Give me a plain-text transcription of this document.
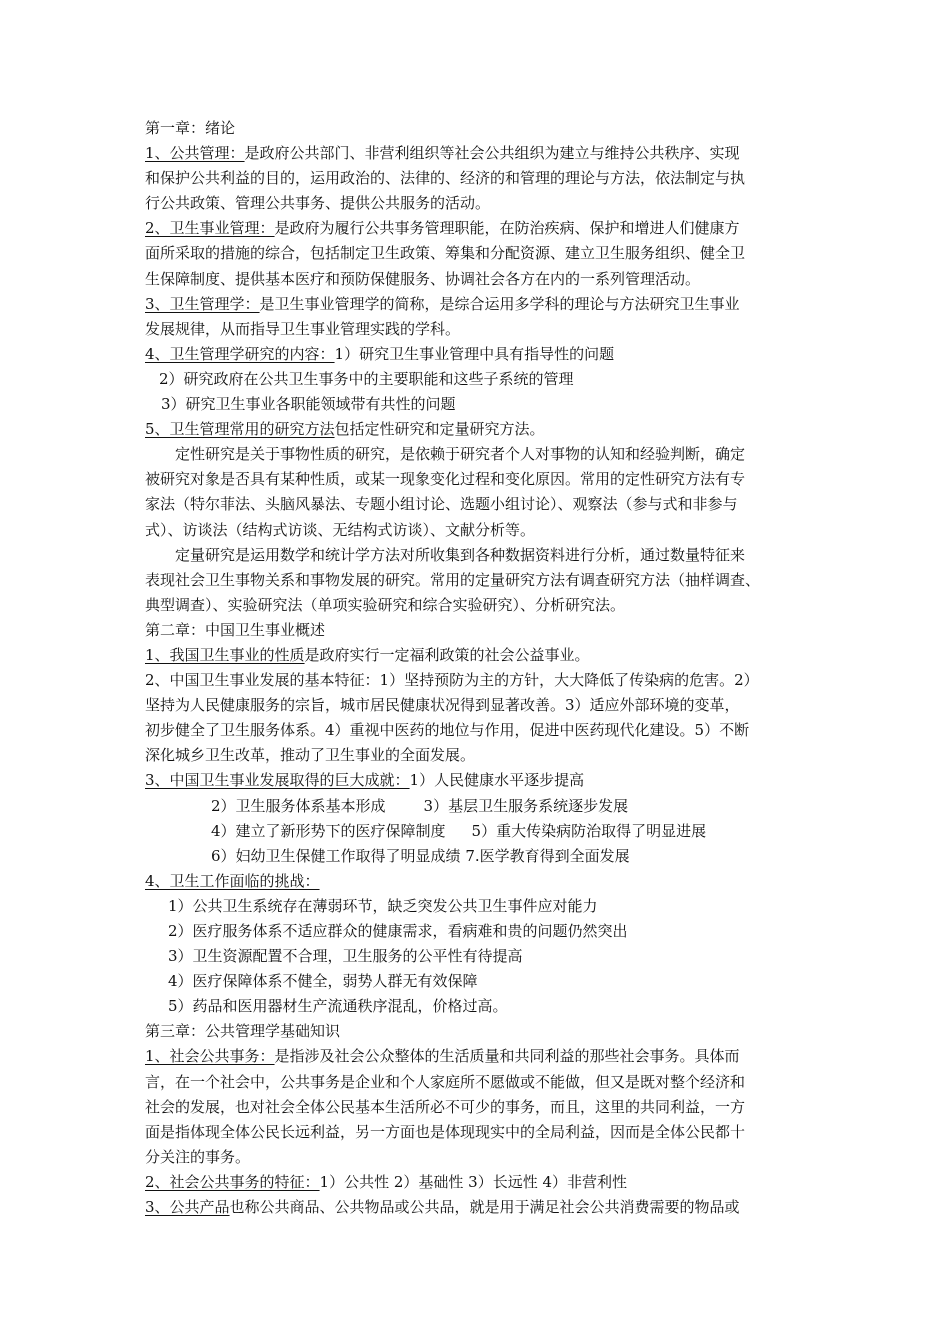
第一章：绪论
1、公共管理：是政府公共部门、非营利组织等社会公共组织为建立与维持公共秩序、实现
和保护公共利益的目的，运用政治的、法律的、经济的和管理的理论与方法，依法制定与执
行公共政策、管理公共事务、提供公共服务的活动。
2、卫生事业管理：是政府为履行公共事务管理职能，在防治疾病、保护和增进人们健康方
面所采取的措施的综合，包括制定卫生政策、筹集和分配资源、建立卫生服务组织、健全卫
生保障制度、提供基本医疗和预防保健服务、协调社会各方在内的一系列管理活动。
3、卫生管理学：是卫生事业管理学的简称，是综合运用多学科的理论与方法研究卫生事业
发展规律，从而指导卫生事业管理实践的学科。
4、卫生管理学研究的内容：1）研究卫生事业管理中具有指导性的问题
2）研究政府在公共卫生事务中的主要职能和这些子系统的管理
3）研究卫生事业各职能领域带有共性的问题
5、卫生管理常用的研究方法包括定性研究和定量研究方法。
定性研究是关于事物性质的研究，是依赖于研究者个人对事物的认知和经验判断，确定
被研究对象是否具有某种性质，或某一现象变化过程和变化原因。常用的定性研究方法有专
家法（特尔菲法、头脑风暴法、专题小组讨论、选题小组讨论）、观察法（参与式和非参与
式）、访谈法（结构式访谈、无结构式访谈）、文献分析等。
定量研究是运用数学和统计学方法对所收集到各种数据资料进行分析，通过数量特征来
表现社会卫生事物关系和事物发展的研究。常用的定量研究方法有调查研究方法（抽样调查、
典型调查）、实验研究法（单项实验研究和综合实验研究）、分析研究法。
第二章：中国卫生事业概述
1、我国卫生事业的性质是政府实行一定福利政策的社会公益事业。
2、中国卫生事业发展的基本特征：1）坚持预防为主的方针，大大降低了传染病的危害。2）
坚持为人民健康服务的宗旨，城市居民健康状况得到显著改善。3）适应外部环境的变革，
初步健全了卫生服务体系。4）重视中医药的地位与作用，促进中医药现代化建设。5）不断
深化城乡卫生改革，推动了卫生事业的全面发展。
3、中国卫生事业发展取得的巨大成就：1）人民健康水平逐步提高
2）卫生服务体系基本形成	3）基层卫生服务系统逐步发展
4）建立了新形势下的医疗保障制度 5）重大传染病防治取得了明显进展
6）妇幼卫生保健工作取得了明显成绩 7.医学教育得到全面发展
4、卫生工作面临的挑战：
1）公共卫生系统存在薄弱环节，缺乏突发公共卫生事件应对能力
2）医疗服务体系不适应群众的健康需求，看病难和贵的问题仍然突出
3）卫生资源配置不合理，卫生服务的公平性有待提高
4）医疗保障体系不健全，弱势人群无有效保障
5）药品和医用器材生产流通秩序混乱，价格过高。
第三章：公共管理学基础知识
1、社会公共事务：是指涉及社会公众整体的生活质量和共同利益的那些社会事务。具体而
言，在一个社会中，公共事务是企业和个人家庭所不愿做或不能做，但又是既对整个经济和
社会的发展，也对社会全体公民基本生活所必不可少的事务，而且，这里的共同利益，一方
面是指体现全体公民长远利益，另一方面也是体现现实中的全局利益，因而是全体公民都十
分关注的事务。
2、社会公共事务的特征：1）公共性 2）基础性 3）长远性 4）非营利性
3、公共产品也称公共商品、公共物品或公共品，就是用于满足社会公共消费需要的物品或
